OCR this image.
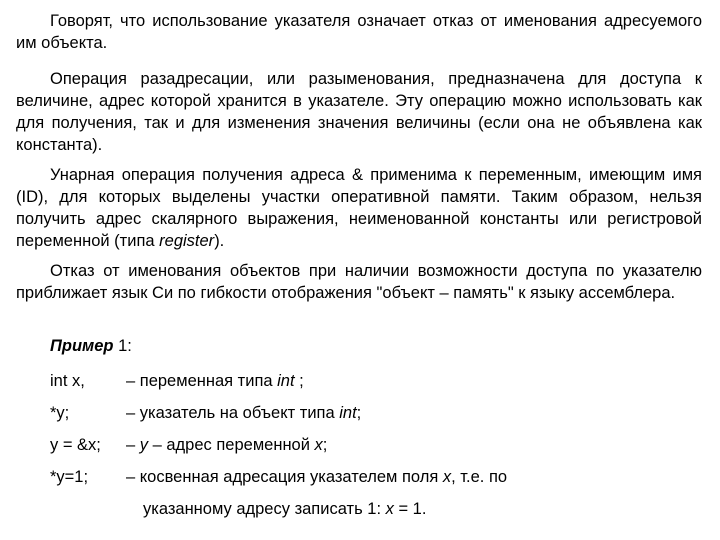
Говорят, что использование указателя означает отказ от именования адресуемого им объекта.

Операция разадресации, или разыменования, предназначена для доступа к величине, адрес которой хранится в указателе. Эту операцию можно использовать как для получения, так и для изменения значения величины (если она не объявлена как константа).

Унарная операция получения адреса & применима к переменным, имеющим имя (ID), для которых выделены участки оперативной памяти. Таким образом, нельзя получить адрес скалярного выражения, неименованной константы или регистровой переменной (типа register).

Отказ от именования объектов при наличии возможности доступа по указателю приближает язык Си по гибкости отображения "объект – память" к языку ассемблера.

Пример 1:
int x, – переменная типа int ;
*y;	– указатель на объект типа int;
y = &x; – y – адрес переменной x;
*y=1; – косвенная адресация указателем поля x, т.е. по
указанному адресу записать 1: x = 1.
